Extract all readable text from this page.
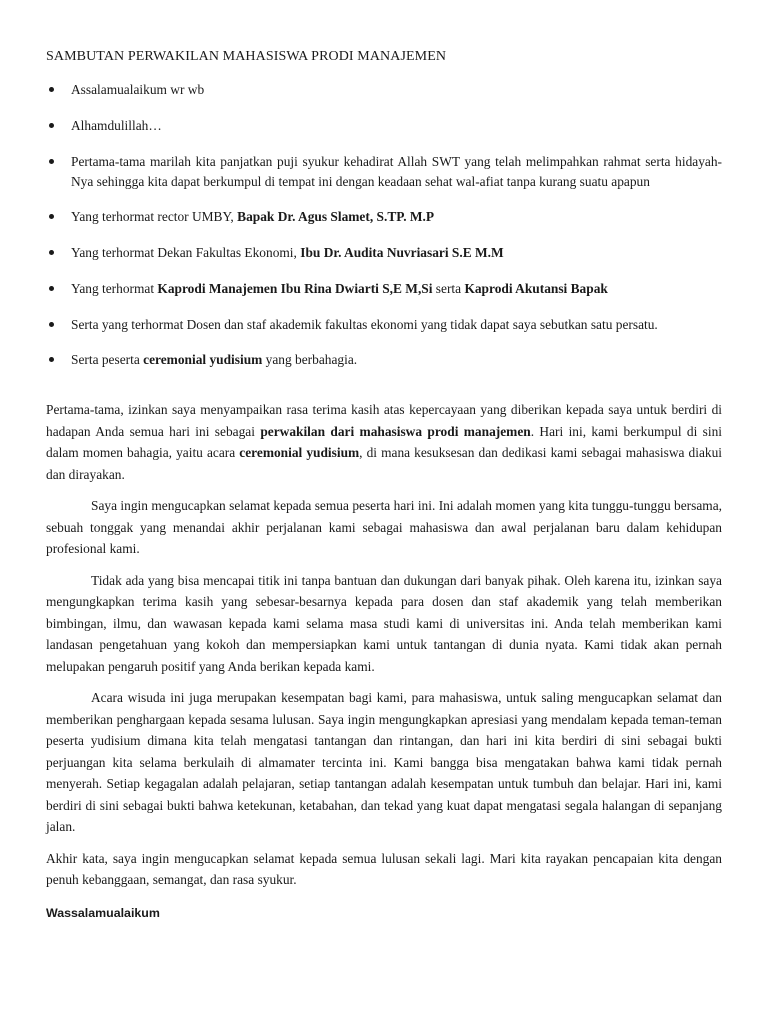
SAMBUTAN PERWAKILAN MAHASISWA PRODI MANAJEMEN
Assalamualaikum wr wb
Alhamdulillah…
Pertama-tama marilah kita panjatkan puji syukur kehadirat Allah SWT yang telah melimpahkan rahmat serta hidayah-Nya sehingga kita dapat berkumpul di tempat ini dengan keadaan sehat wal-afiat tanpa kurang suatu apapun
Yang terhormat rector UMBY, Bapak Dr. Agus Slamet, S.TP. M.P
Yang terhormat Dekan Fakultas Ekonomi, Ibu Dr. Audita Nuvriasari S.E M.M
Yang terhormat Kaprodi Manajemen Ibu Rina Dwiarti S,E M,Si serta Kaprodi Akutansi Bapak
Serta yang terhormat Dosen dan staf akademik fakultas ekonomi yang tidak dapat saya sebutkan satu persatu.
Serta peserta ceremonial yudisium yang berbahagia.

Pertama-tama, izinkan saya menyampaikan rasa terima kasih atas kepercayaan yang diberikan kepada saya untuk berdiri di hadapan Anda semua hari ini sebagai perwakilan dari mahasiswa prodi manajemen. Hari ini, kami berkumpul di sini dalam momen bahagia, yaitu acara ceremonial yudisium, di mana kesuksesan dan dedikasi kami sebagai mahasiswa diakui dan dirayakan.

Saya ingin mengucapkan selamat kepada semua peserta hari ini. Ini adalah momen yang kita tunggu-tunggu bersama, sebuah tonggak yang menandai akhir perjalanan kami sebagai mahasiswa dan awal perjalanan baru dalam kehidupan profesional kami.

Tidak ada yang bisa mencapai titik ini tanpa bantuan dan dukungan dari banyak pihak. Oleh karena itu, izinkan saya mengungkapkan terima kasih yang sebesar-besarnya kepada para dosen dan staf akademik yang telah memberikan bimbingan, ilmu, dan wawasan kepada kami selama masa studi kami di universitas ini. Anda telah memberikan kami landasan pengetahuan yang kokoh dan mempersiapkan kami untuk tantangan di dunia nyata. Kami tidak akan pernah melupakan pengaruh positif yang Anda berikan kepada kami.

Acara wisuda ini juga merupakan kesempatan bagi kami, para mahasiswa, untuk saling mengucapkan selamat dan memberikan penghargaan kepada sesama lulusan. Saya ingin mengungkapkan apresiasi yang mendalam kepada teman-teman peserta yudisium dimana kita telah mengatasi tantangan dan rintangan, dan hari ini kita berdiri di sini sebagai bukti perjuangan kita selama berkulaih di almamater tercinta ini. Kami bangga bisa mengatakan bahwa kami tidak pernah menyerah. Setiap kegagalan adalah pelajaran, setiap tantangan adalah kesempatan untuk tumbuh dan belajar. Hari ini, kami berdiri di sini sebagai bukti bahwa ketekunan, ketabahan, dan tekad yang kuat dapat mengatasi segala halangan di sepanjang jalan.

Akhir kata, saya ingin mengucapkan selamat kepada semua lulusan sekali lagi. Mari kita rayakan pencapaian kita dengan penuh kebanggaan, semangat, dan rasa syukur.

Wassalamualaikum
